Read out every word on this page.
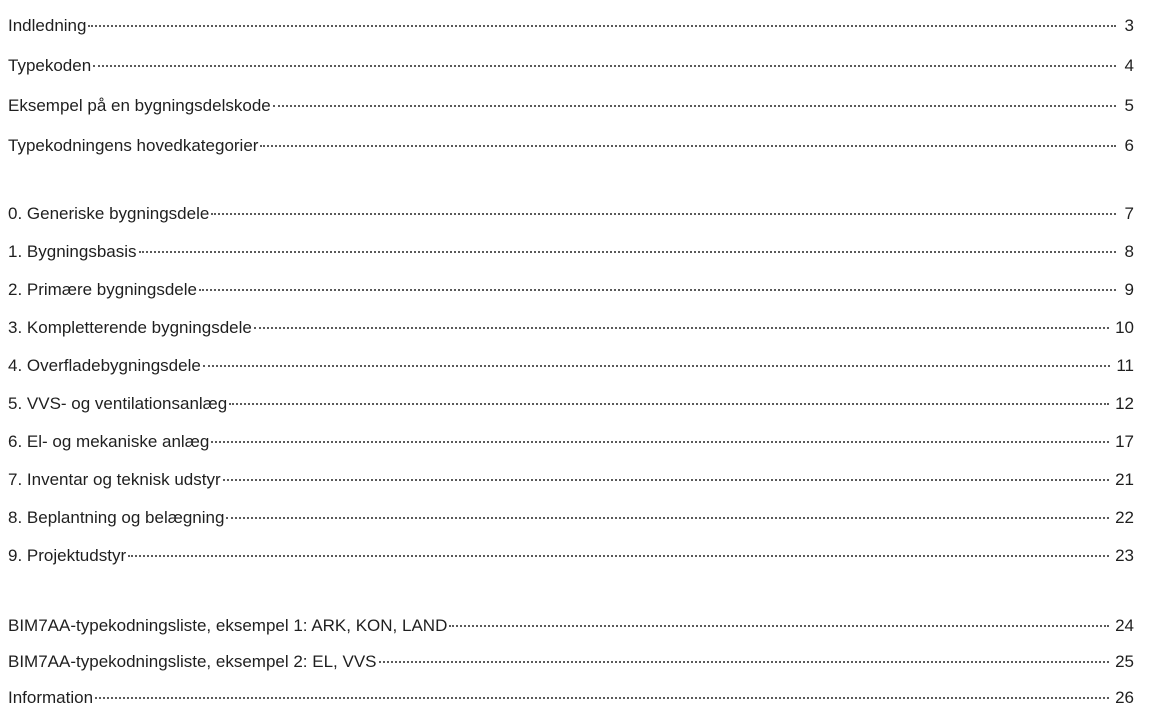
Indledning	3
Typekoden	4
Eksempel på en bygningsdelskode	5
Typekodningens hovedkategorier	6
0. Generiske bygningsdele	7
1. Bygningsbasis	8
2. Primære bygningsdele	9
3. Kompletterende bygningsdele	10
4. Overfladebygningsdele	11
5. VVS- og ventilationsanlæg	12
6. El- og mekaniske anlæg	17
7. Inventar og teknisk udstyr	21
8. Beplantning og belægning	22
9. Projektudstyr	23
BIM7AA-typekodningsliste, eksempel 1: ARK, KON, LAND	24
BIM7AA-typekodningsliste, eksempel 2: EL, VVS	25
Information	26
